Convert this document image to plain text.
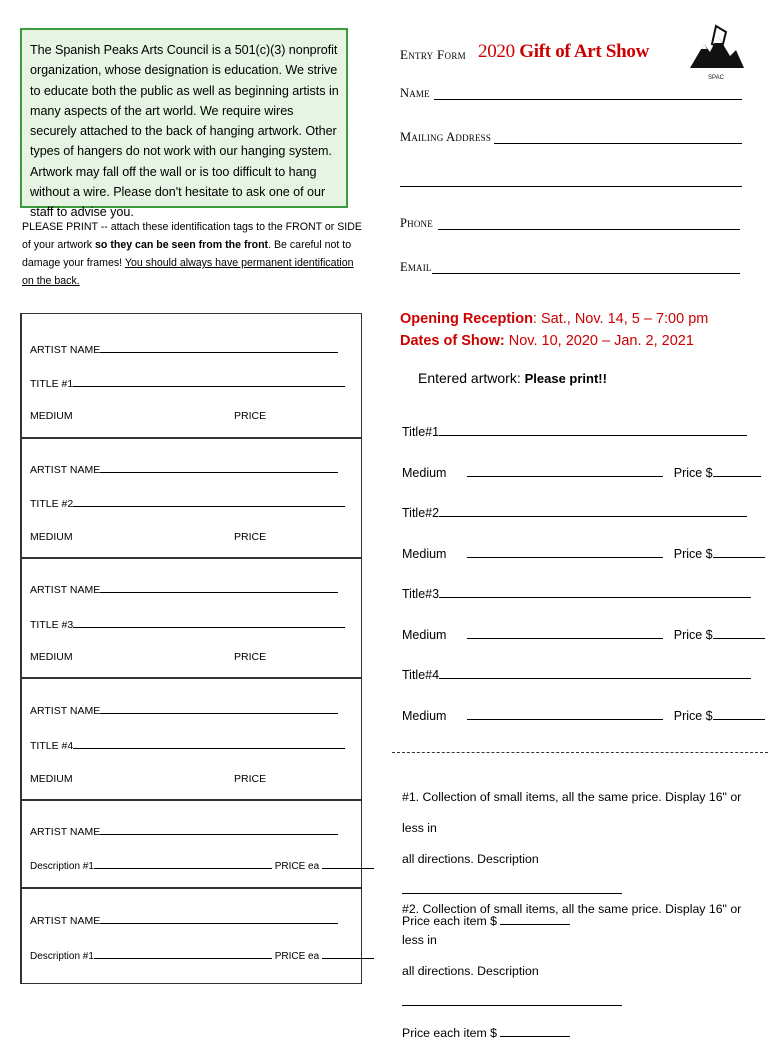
The Spanish Peaks Arts Council is a 501(c)(3) nonprofit organization, whose designation is education. We strive to educate both the public as well as beginning artists in many aspects of the art world. We require wires securely attached to the back of hanging artwork. Other types of hangers do not work with our hanging system. Artwork may fall off the wall or is too difficult to hang without a wire. Please don't hesitate to ask one of our staff to advise you.

PLEASE PRINT -- attach these identification tags to the FRONT or SIDE of your artwork so they can be seen from the front. Be careful not to damage your frames! You should always have permanent identification on the back.
ARTIST NAME
TITLE #1
MEDIUM	PRICE
ARTIST NAME
TITLE #2
MEDIUM	PRICE
ARTIST NAME
TITLE #3
MEDIUM	PRICE
ARTIST NAME
TITLE #4
MEDIUM	PRICE
ARTIST NAME
Description #1	PRICE ea
ARTIST NAME
Description #1	PRICE ea
Entry Form 2020 Gift of Art Show
SPAC
Name
Mailing Address
Phone
Email
Opening Reception: Sat., Nov. 14, 5 – 7:00 pm
Dates of Show: Nov. 10, 2020 – Jan. 2, 2021
Entered artwork: Please print!!
Title#1
Medium	Price $
Title#2
Medium	Price $
Title#3
Medium	Price $
Title#4
Medium	Price $
#1. Collection of small items, all the same price. Display 16" or less in
all directions. Description
Price each item $
#2. Collection of small items, all the same price. Display 16" or less in
all directions. Description
Price each item $
